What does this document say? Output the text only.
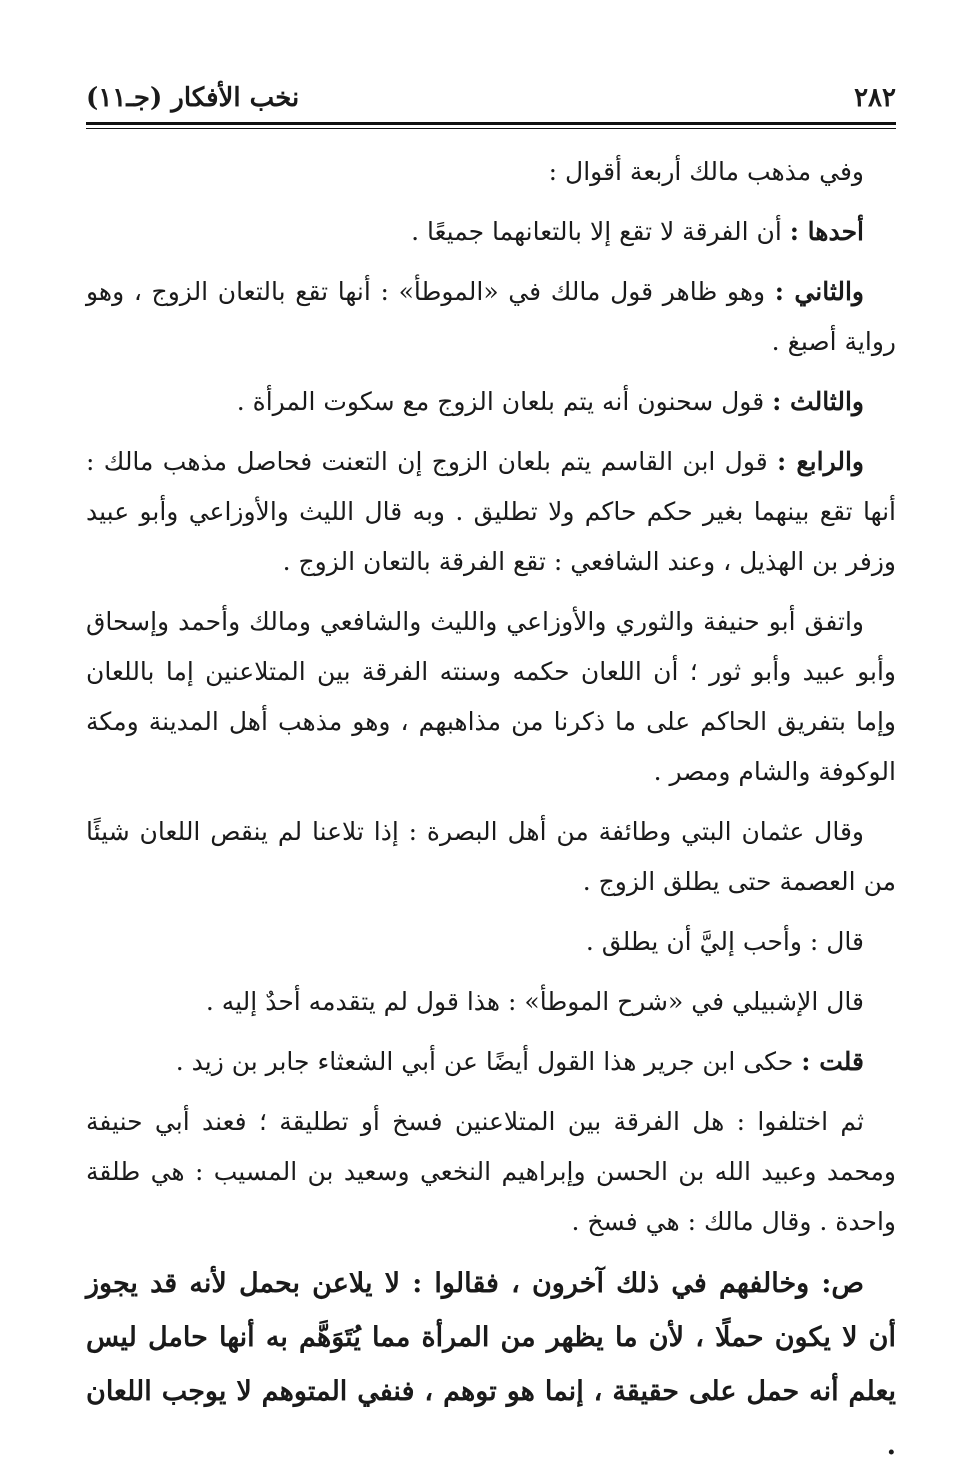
٢٨٢
نخب الأفكار (جـ١١)

وفي مذهب مالك أربعة أقوال :

أحدها : أن الفرقة لا تقع إلا بالتعانهما جميعًا .

والثاني : وهو ظاهر قول مالك في «الموطأ» : أنها تقع بالتعان الزوج ، وهو رواية أصبغ .

والثالث : قول سحنون أنه يتم بلعان الزوج مع سكوت المرأة .

والرابع : قول ابن القاسم يتم بلعان الزوج إن التعنت فحاصل مذهب مالك : أنها تقع بينهما بغير حكم حاكم ولا تطليق . وبه قال الليث والأوزاعي وأبو عبيد وزفر بن الهذيل ، وعند الشافعي : تقع الفرقة بالتعان الزوج .

واتفق أبو حنيفة والثوري والأوزاعي والليث والشافعي ومالك وأحمد وإسحاق وأبو عبيد وأبو ثور ؛ أن اللعان حكمه وسنته الفرقة بين المتلاعنين إما باللعان وإما بتفريق الحاكم على ما ذكرنا من مذاهبهم ، وهو مذهب أهل المدينة ومكة الوكوفة والشام ومصر .

وقال عثمان البتي وطائفة من أهل البصرة : إذا تلاعنا لم ينقص اللعان شيئًا من العصمة حتى يطلق الزوج .

قال : وأحب إليَّ أن يطلق .

قال الإشبيلي في «شرح الموطأ» : هذا قول لم يتقدمه أحدٌ إليه .

قلت : حكى ابن جرير هذا القول أيضًا عن أبي الشعثاء جابر بن زيد .

ثم اختلفوا : هل الفرقة بين المتلاعنين فسخ أو تطليقة ؛ فعند أبي حنيفة ومحمد وعبيد الله بن الحسن وإبراهيم النخعي وسعيد بن المسيب : هي طلقة واحدة . وقال مالك : هي فسخ .

ص: وخالفهم في ذلك آخرون ، فقالوا : لا يلاعن بحمل لأنه قد يجوز أن لا يكون حملًا ، لأن ما يظهر من المرأة مما يُتَوَهَّم به أنها حامل ليس يعلم أنه حمل على حقيقة ، إنما هو توهم ، فنفي المتوهم لا يوجب اللعان .
